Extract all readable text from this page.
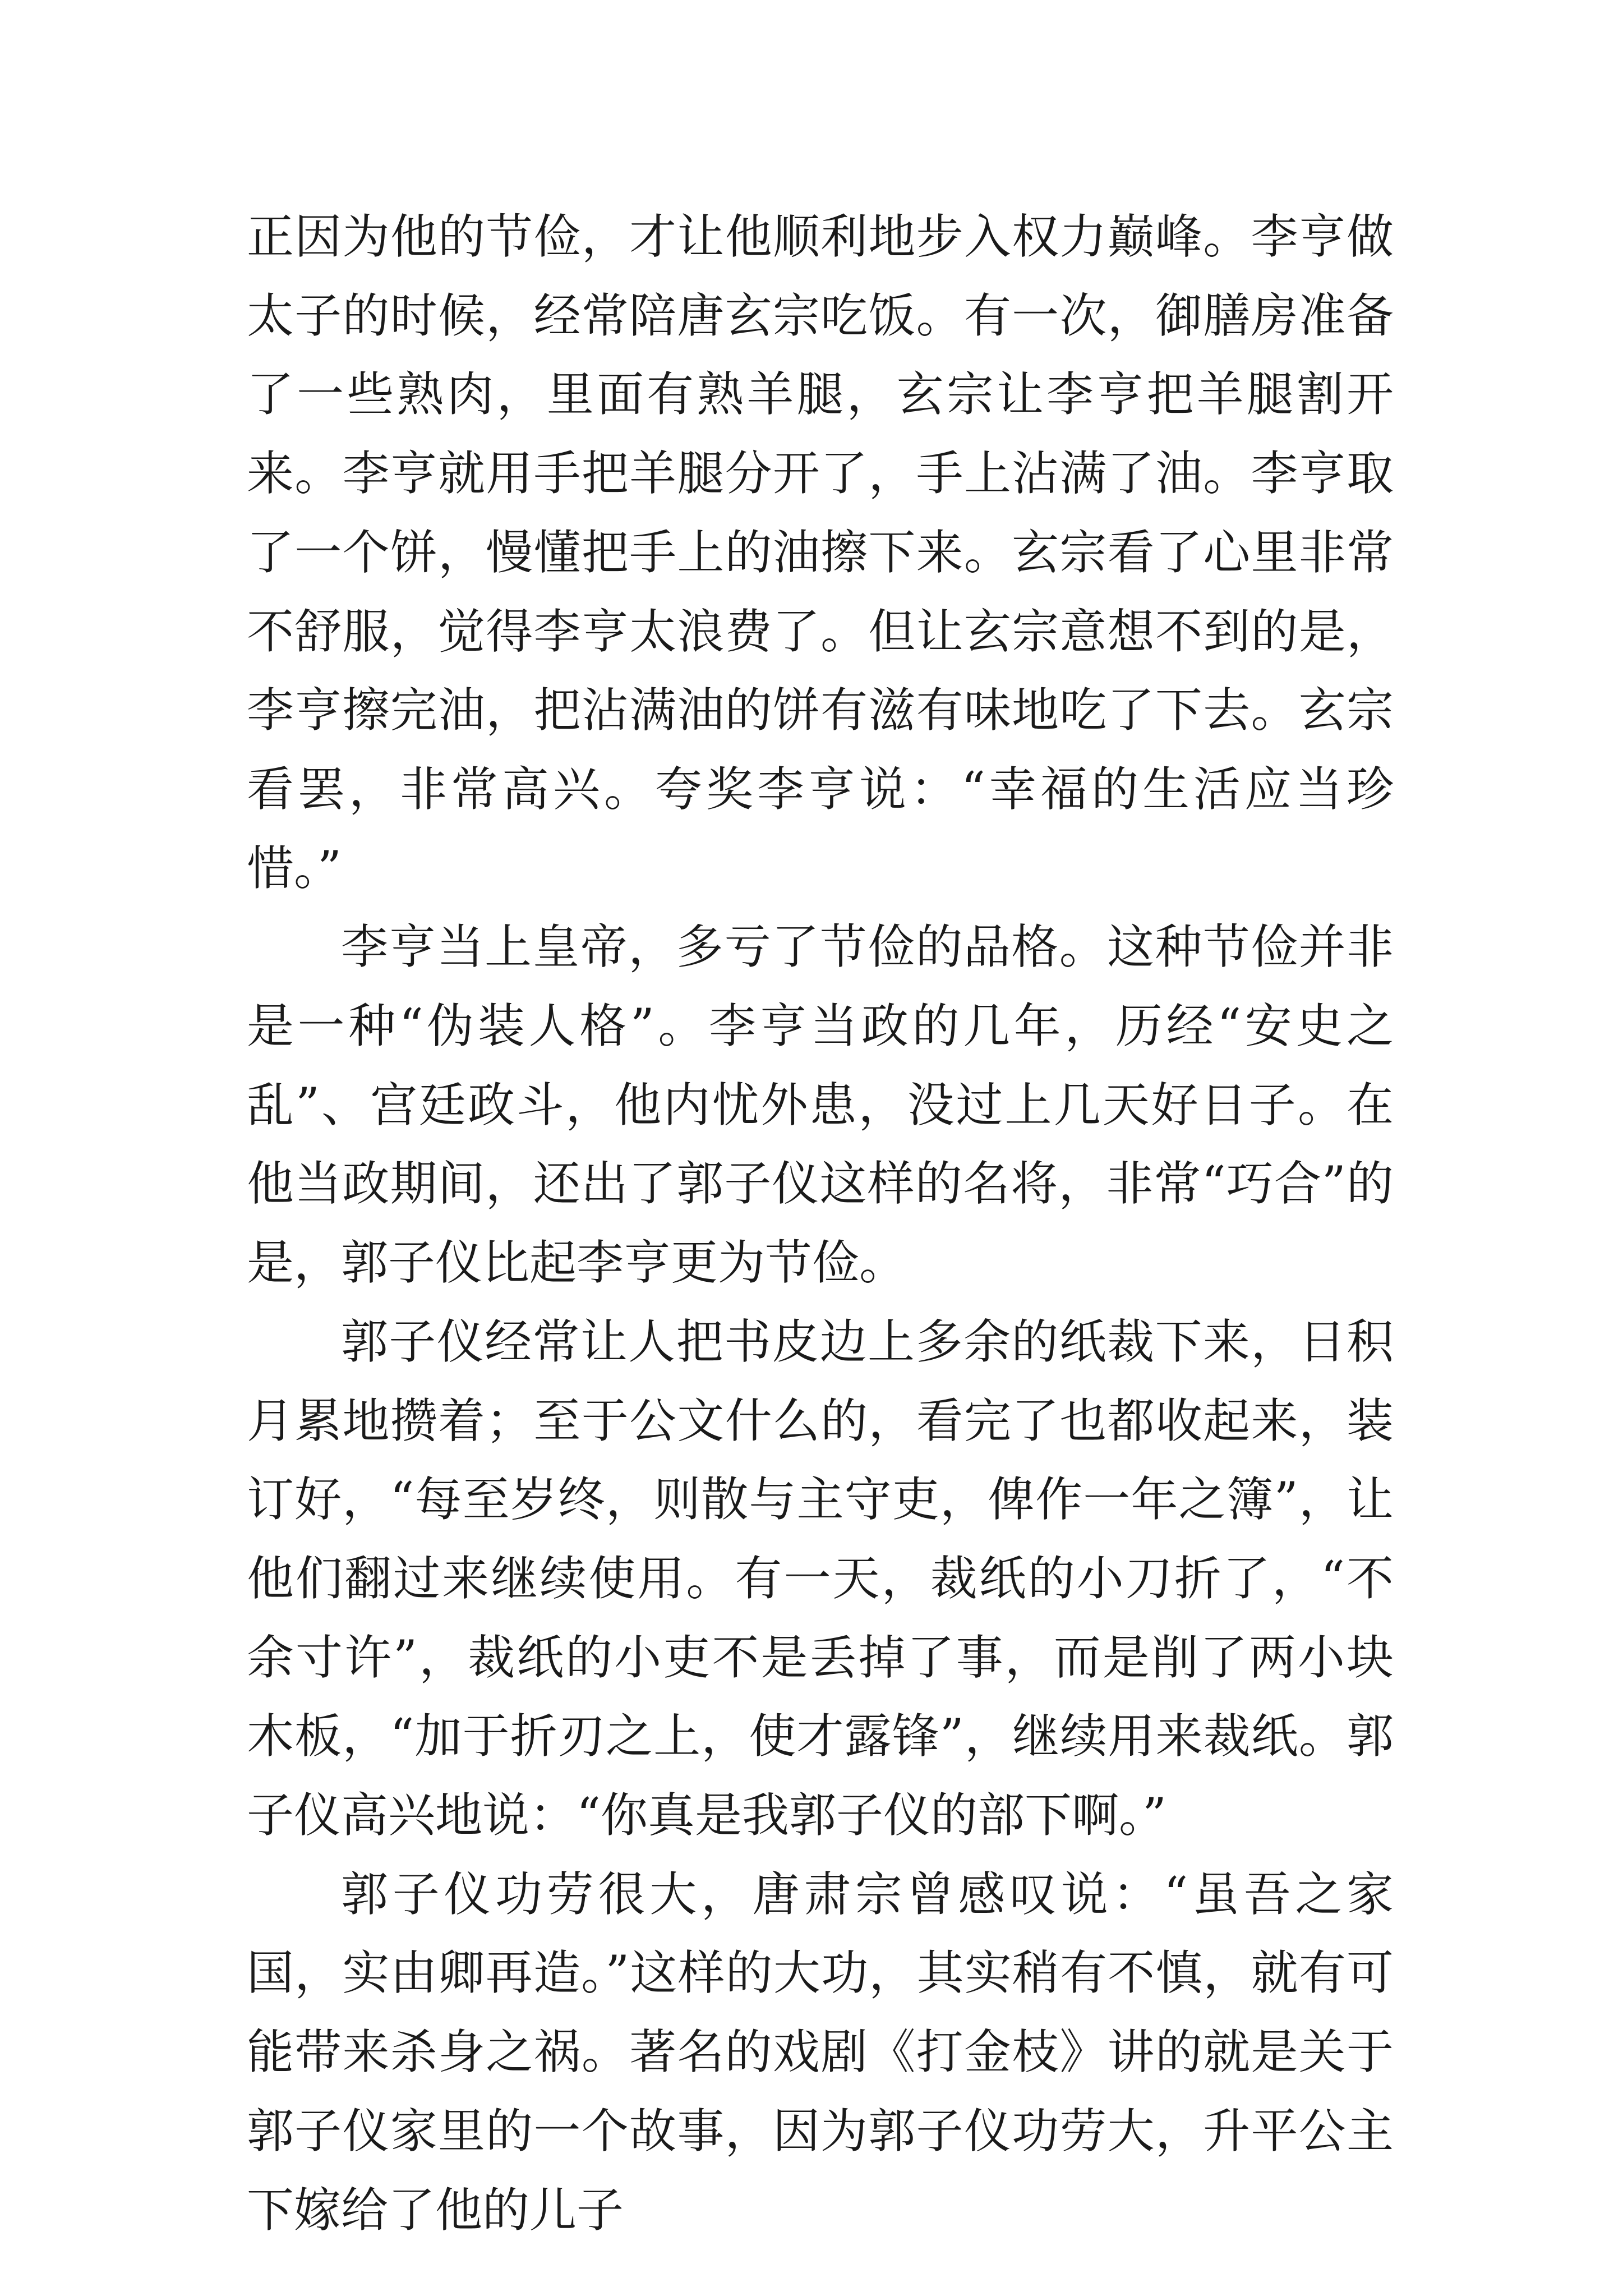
正因为他的节俭，才让他顺利地步入权力巅峰。李亨做太子的时候，经常陪唐玄宗吃饭。有一次，御膳房准备了一些熟肉，里面有熟羊腿，玄宗让李亨把羊腿割开来。李亨就用手把羊腿分开了，手上沾满了油。李亨取了一个饼，慢懂把手上的油擦下来。玄宗看了心里非常不舒服，觉得李亨太浪费了。但让玄宗意想不到的是，李亨擦完油，把沾满油的饼有滋有味地吃了下去。玄宗看罢，非常高兴。夸奖李亨说：“幸福的生活应当珍惜。”

李亨当上皇帝，多亏了节俭的品格。这种节俭并非是一种“伪装人格”。李亨当政的几年，历经“安史之乱”、宫廷政斗，他内忧外患，没过上几天好日子。在他当政期间，还出了郭子仪这样的名将，非常“巧合”的是，郭子仪比起李亨更为节俭。

郭子仪经常让人把书皮边上多余的纸裁下来，日积月累地攒着；至于公文什么的，看完了也都收起来，装订好，“每至岁终，则散与主守吏，俾作一年之簿”，让他们翻过来继续使用。有一天，裁纸的小刀折了，“不余寸许”，裁纸的小吏不是丢掉了事，而是削了两小块木板，“加于折刃之上，使才露锋”，继续用来裁纸。郭子仪高兴地说：“你真是我郭子仪的部下啊。”

郭子仪功劳很大，唐肃宗曾感叹说：“虽吾之家国，实由卿再造。”这样的大功，其实稍有不慎，就有可能带来杀身之祸。著名的戏剧《打金枝》讲的就是关于郭子仪家里的一个故事，因为郭子仪功劳大，升平公主下嫁给了他的儿子
